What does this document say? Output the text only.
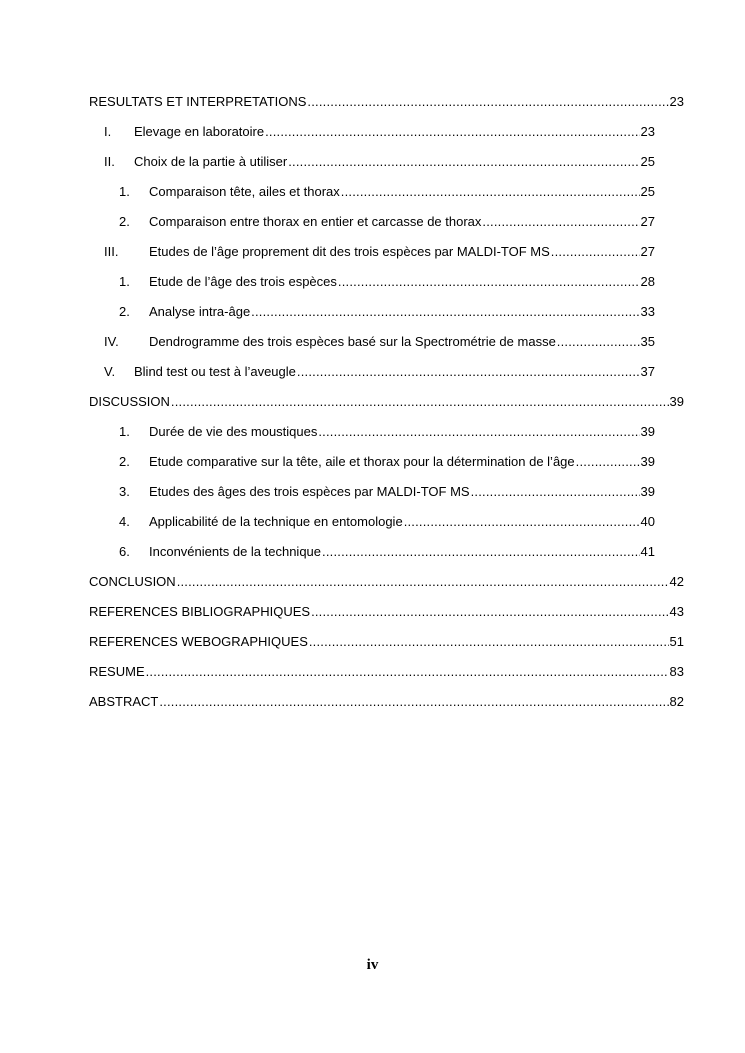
RESULTATS ET INTERPRETATIONS .....	23
I.	Elevage en laboratoire .....	23
II.	Choix de la partie à utiliser .....	25
1.	Comparaison tête, ailes et thorax .....	25
2.	Comparaison entre thorax en entier et carcasse de thorax .....	27
III.	Etudes de l’âge proprement dit des trois espèces par MALDI-TOF MS .....	27
1.	Etude de l’âge des trois espèces .....	28
2.	Analyse intra-âge .....	33
IV.	Dendrogramme des trois espèces basé sur la Spectrométrie de masse .....	35
V.	Blind test ou test à l’aveugle .....	37
DISCUSSION .....	39
1.	Durée de vie des moustiques .....	39
2.	Etude comparative sur la tête, aile et thorax pour la détermination de l’âge .....	39
3.	Etudes des âges des trois espèces par MALDI-TOF MS .....	39
4.	Applicabilité de la technique en entomologie .....	40
6.	Inconvénients de la technique .....	41
CONCLUSION .....	42
REFERENCES BIBLIOGRAPHIQUES .....	43
REFERENCES WEBOGRAPHIQUES .....	51
RESUME .....	83
ABSTRACT .....	82
iv
